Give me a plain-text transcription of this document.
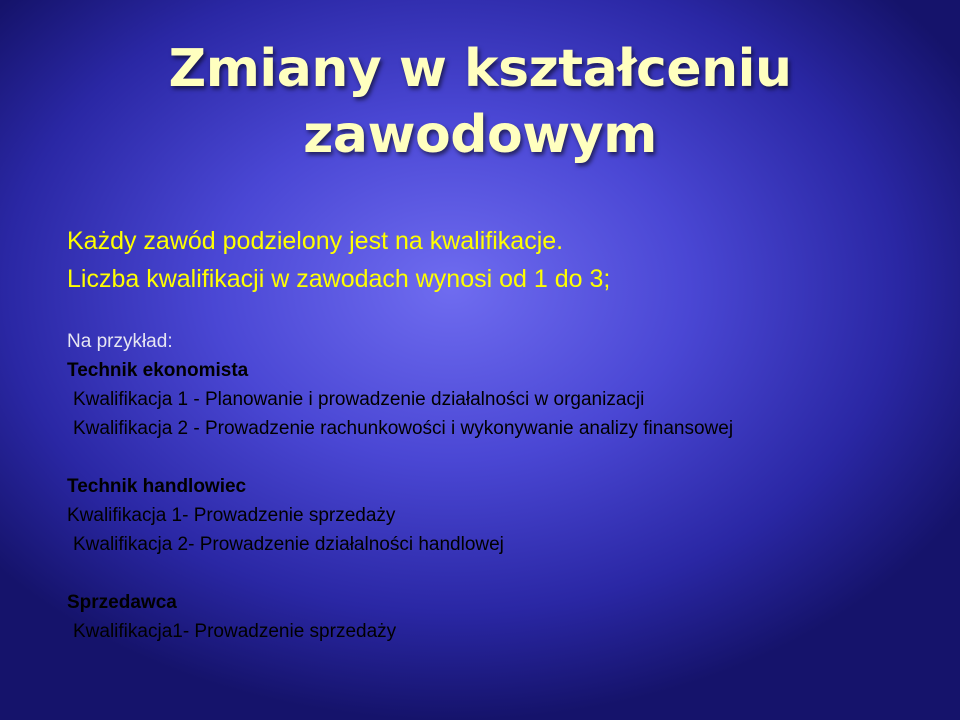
Zmiany w kształceniu
zawodowym
Każdy zawód podzielony jest na kwalifikacje.
Liczba kwalifikacji w zawodach wynosi od 1 do 3;
Na przykład:
Technik ekonomista
Kwalifikacja 1 - Planowanie i prowadzenie działalności w organizacji
Kwalifikacja 2 - Prowadzenie rachunkowości i wykonywanie analizy finansowej
Technik handlowiec
Kwalifikacja 1- Prowadzenie sprzedaży
Kwalifikacja 2- Prowadzenie działalności handlowej
Sprzedawca
Kwalifikacja1- Prowadzenie sprzedaży
